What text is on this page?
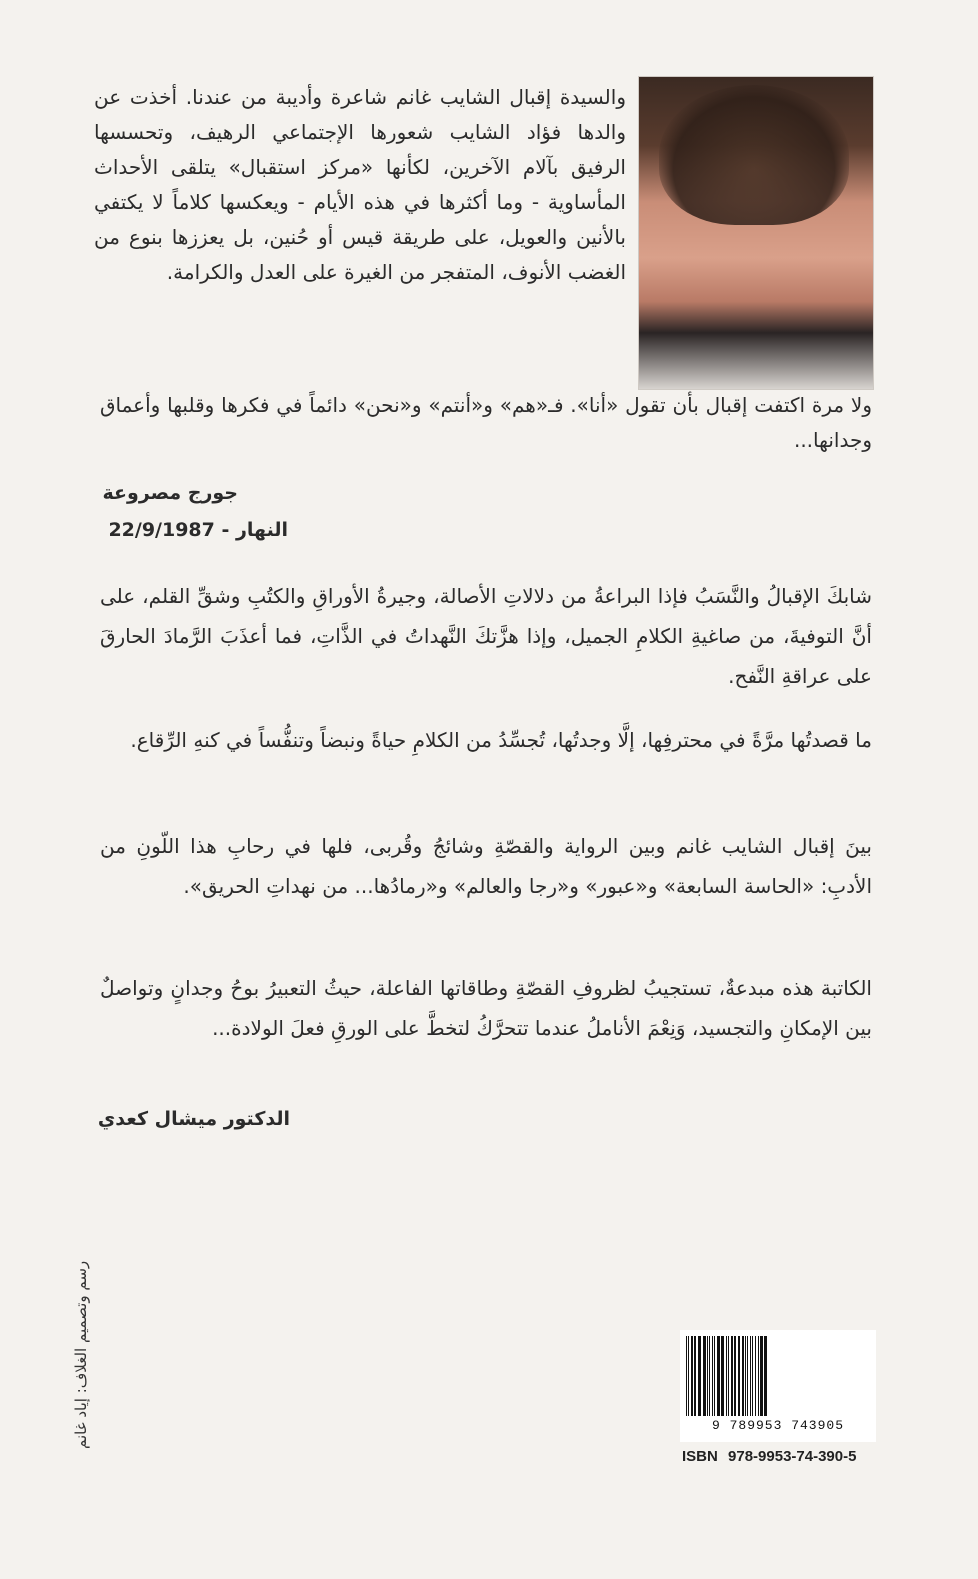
والسيدة إقبال الشايب غانم شاعرة وأديبة من عندنا. أخذت عن والدها فؤاد الشايب شعورها الإجتماعي الرهيف، وتحسسها الرفيق بآلام الآخرين، لكأنها «مركز استقبال» يتلقى الأحداث المأساوية - وما أكثرها في هذه الأيام - ويعكسها كلاماً لا يكتفي بالأنين والعويل، على طريقة قيس أو حُنين، بل يعززها بنوع من الغضب الأنوف، المتفجر من الغيرة على العدل والكرامة.

ولا مرة اكتفت إقبال بأن تقول «أنا». فـ«هم» و«أنتم» و«نحن» دائماً في فكرها وقلبها وأعماق وجدانها...

جورج مصروعة

النهار - 22/9/1987

شابكَ الإقبالُ والنَّسَبُ فإذا البراعةُ من دلالاتِ الأصالة، وجيرةُ الأوراقِ والكتُبِ وشقِّ القلم، على أنَّ التوفيةَ، من صاغيةِ الكلامِ الجميل، وإذا هزَّتكَ النَّهداتُ في الذَّاتِ، فما أعذَبَ الرَّمادَ الحارقَ على عراقةِ النَّفح.

ما قصدتُها مرَّةً في محترفِها، إلَّا وجدتُها، تُجسِّدُ من الكلامِ حياةً ونبضاً وتنفُّساً في كنهِ الرِّقاع.

بينَ إقبال الشايب غانم وبين الرواية والقصّةِ وشائجُ وقُربى، فلها في رحابِ هذا اللّونِ من الأدبِ: «الحاسة السابعة» و«عبور» و«رجا والعالم» و«رمادُها... من نهداتِ الحريق».

الكاتبة هذه مبدعةٌ، تستجيبُ لظروفِ القصّةِ وطاقاتها الفاعلة، حيثُ التعبيرُ بوحُ وجدانٍ وتواصلٌ بين الإمكانِ والتجسيد، وَنِعْمَ الأناملُ عندما تتحرَّكُ لتخطَّ على الورقِ فعلَ الولادة...

الدكتور ميشال كعدي

رسم وتصميم الغلاف: إياد غانم	9 789953 743905
ISBN 978-9953-74-390-5
